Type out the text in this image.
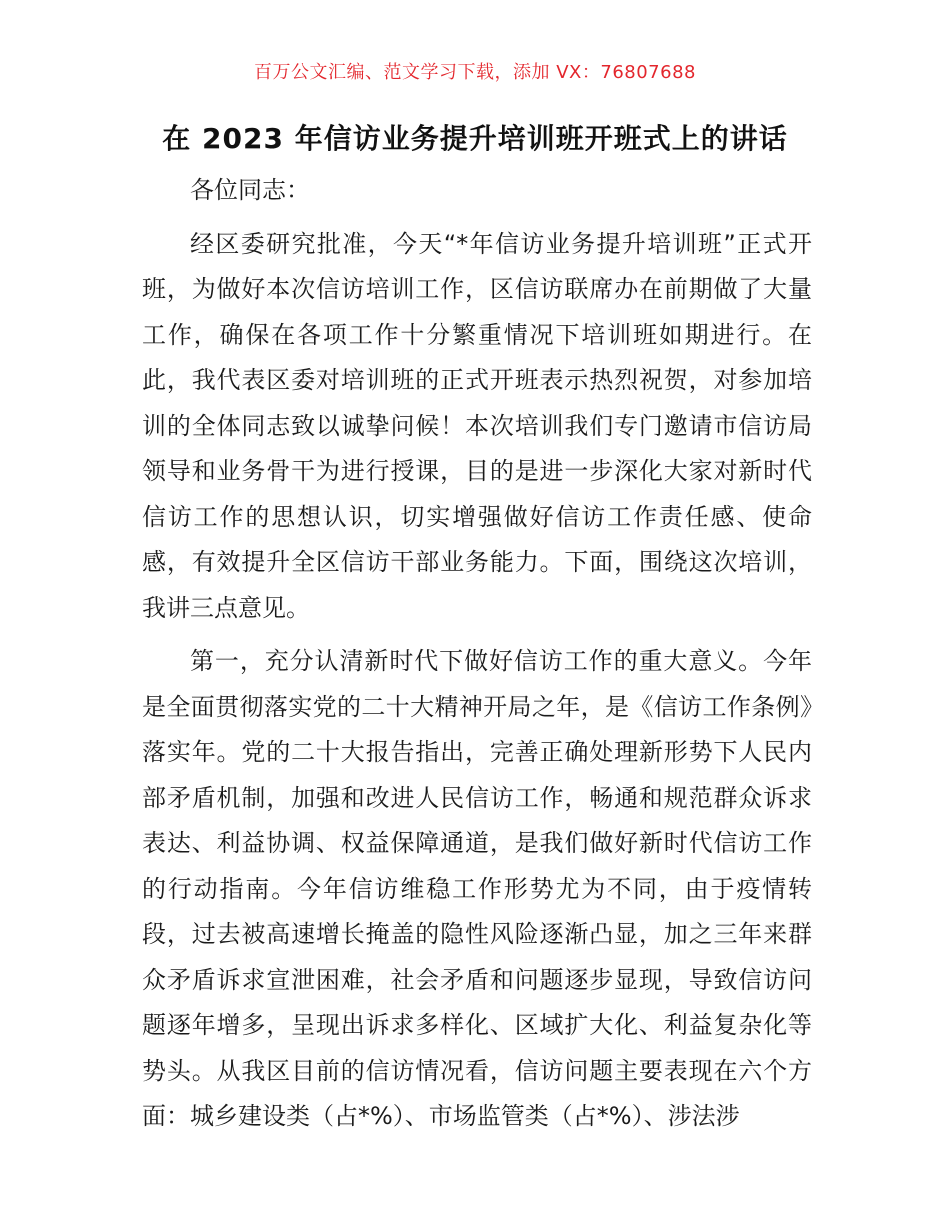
百万公文汇编、范文学习下载，添加 VX：76807688
在 2023 年信访业务提升培训班开班式上的讲话

各位同志：

经区委研究批准，今天“*年信访业务提升培训班”正式开班，为做好本次信访培训工作，区信访联席办在前期做了大量工作，确保在各项工作十分繁重情况下培训班如期进行。在此，我代表区委对培训班的正式开班表示热烈祝贺，对参加培训的全体同志致以诚挚问候！本次培训我们专门邀请市信访局领导和业务骨干为进行授课，目的是进一步深化大家对新时代信访工作的思想认识，切实增强做好信访工作责任感、使命感，有效提升全区信访干部业务能力。下面，围绕这次培训，我讲三点意见。

第一，充分认清新时代下做好信访工作的重大意义。今年是全面贯彻落实党的二十大精神开局之年，是《信访工作条例》落实年。党的二十大报告指出，完善正确处理新形势下人民内部矛盾机制，加强和改进人民信访工作，畅通和规范群众诉求表达、利益协调、权益保障通道，是我们做好新时代信访工作的行动指南。今年信访维稳工作形势尤为不同，由于疫情转段，过去被高速增长掩盖的隐性风险逐渐凸显，加之三年来群众矛盾诉求宣泄困难，社会矛盾和问题逐步显现，导致信访问题逐年增多，呈现出诉求多样化、区域扩大化、利益复杂化等势头。从我区目前的信访情况看，信访问题主要表现在六个方面：城乡建设类（占*%）、市场监管类（占*%）、涉法涉
